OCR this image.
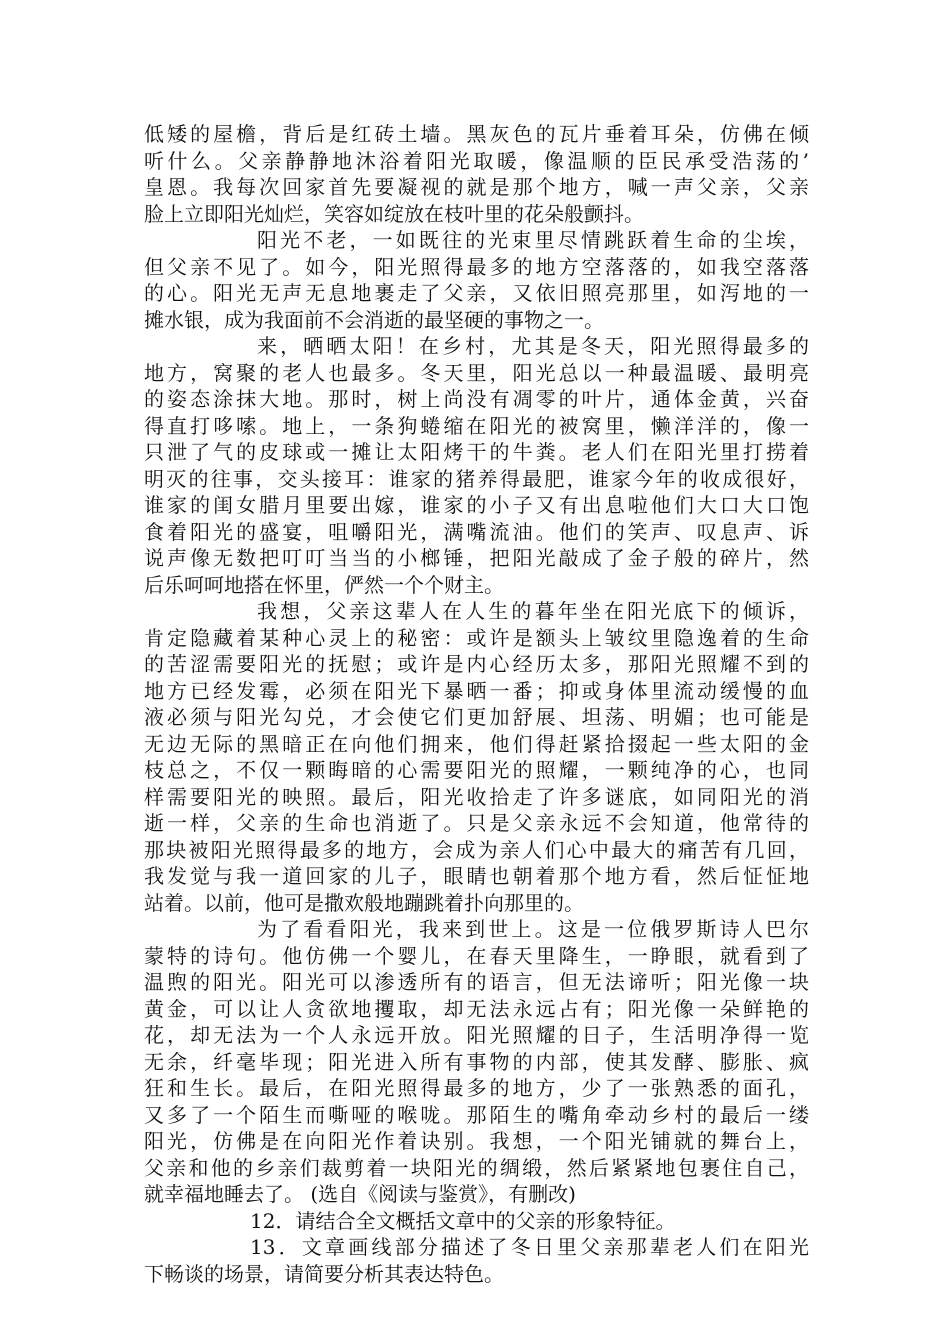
低矮的屋檐，背后是红砖土墙。黑灰色的瓦片垂着耳朵，仿佛在倾
听什么。父亲静静地沐浴着阳光取暖，像温顺的臣民承受浩荡的’
皇恩。我每次回家首先要凝视的就是那个地方，喊一声父亲，父亲
脸上立即阳光灿烂，笑容如绽放在枝叶里的花朵般颤抖。
阳光不老，一如既往的光束里尽情跳跃着生命的尘埃，
但父亲不见了。如今，阳光照得最多的地方空落落的，如我空落落
的心。阳光无声无息地裹走了父亲，又依旧照亮那里，如泻地的一
摊水银，成为我面前不会消逝的最坚硬的事物之一。
来，晒晒太阳！在乡村，尤其是冬天，阳光照得最多的
地方，窝聚的老人也最多。冬天里，阳光总以一种最温暖、最明亮
的姿态涂抹大地。那时，树上尚没有凋零的叶片，通体金黄，兴奋
得直打哆嗦。地上，一条狗蜷缩在阳光的被窝里，懒洋洋的，像一
只泄了气的皮球或一摊让太阳烤干的牛粪。老人们在阳光里打捞着
明灭的往事，交头接耳：谁家的猪养得最肥，谁家今年的收成很好，
谁家的闺女腊月里要出嫁，谁家的小子又有出息啦他们大口大口饱
食着阳光的盛宴，咀嚼阳光，满嘴流油。他们的笑声、叹息声、诉
说声像无数把叮叮当当的小榔锤，把阳光敲成了金子般的碎片，然
后乐呵呵地搭在怀里，俨然一个个财主。
我想，父亲这辈人在人生的暮年坐在阳光底下的倾诉，
肯定隐藏着某种心灵上的秘密：或许是额头上皱纹里隐逸着的生命
的苦涩需要阳光的抚慰；或许是内心经历太多，那阳光照耀不到的
地方已经发霉，必须在阳光下暴晒一番；抑或身体里流动缓慢的血
液必须与阳光勾兑，才会使它们更加舒展、坦荡、明媚；也可能是
无边无际的黑暗正在向他们拥来，他们得赶紧拾掇起一些太阳的金
枝总之，不仅一颗晦暗的心需要阳光的照耀，一颗纯净的心，也同
样需要阳光的映照。最后，阳光收拾走了许多谜底，如同阳光的消
逝一样，父亲的生命也消逝了。只是父亲永远不会知道，他常待的
那块被阳光照得最多的地方，会成为亲人们心中最大的痛苦有几回，
我发觉与我一道回家的儿子，眼睛也朝着那个地方看，然后怔怔地
站着。以前，他可是撒欢般地蹦跳着扑向那里的。
为了看看阳光，我来到世上。这是一位俄罗斯诗人巴尔
蒙特的诗句。他仿佛一个婴儿，在春天里降生，一睁眼，就看到了
温煦的阳光。阳光可以渗透所有的语言，但无法谛听；阳光像一块
黄金，可以让人贪欲地攫取，却无法永远占有；阳光像一朵鲜艳的
花，却无法为一个人永远开放。阳光照耀的日子，生活明净得一览
无余，纤毫毕现；阳光进入所有事物的内部，使其发酵、膨胀、疯
狂和生长。最后，在阳光照得最多的地方，少了一张熟悉的面孔，
又多了一个陌生而嘶哑的喉咙。那陌生的嘴角牵动乡村的最后一缕
阳光，仿佛是在向阳光作着诀别。我想，一个阳光铺就的舞台上，
父亲和他的乡亲们裁剪着一块阳光的绸缎，然后紧紧地包裹住自己，
就幸福地睡去了。 (选自《阅读与鉴赏》，有删改)
12．请结合全文概括文章中的父亲的形象特征。
13．文章画线部分描述了冬日里父亲那辈老人们在阳光
下畅谈的场景，请简要分析其表达特色。
